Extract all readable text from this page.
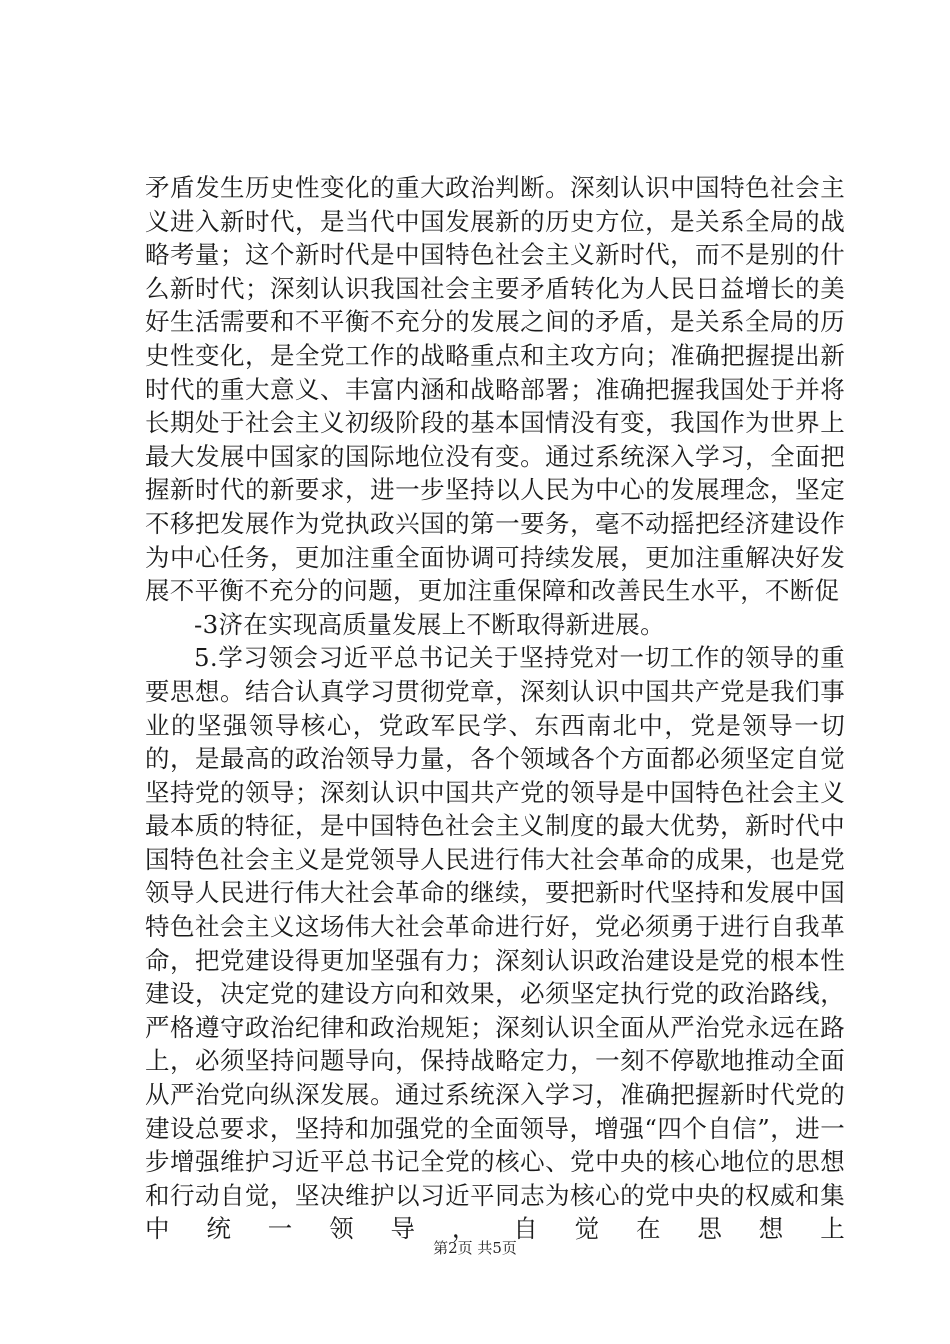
矛盾发生历史性变化的重大政治判断。深刻认识中国特色社会主义进入新时代，是当代中国发展新的历史方位，是关系全局的战略考量；这个新时代是中国特色社会主义新时代，而不是别的什么新时代；深刻认识我国社会主要矛盾转化为人民日益增长的美好生活需要和不平衡不充分的发展之间的矛盾，是关系全局的历史性变化，是全党工作的战略重点和主攻方向；准确把握提出新时代的重大意义、丰富内涵和战略部署；准确把握我国处于并将长期处于社会主义初级阶段的基本国情没有变，我国作为世界上最大发展中国家的国际地位没有变。通过系统深入学习，全面把握新时代的新要求，进一步坚持以人民为中心的发展理念，坚定不移把发展作为党执政兴国的第一要务，毫不动摇把经济建设作为中心任务，更加注重全面协调可持续发展，更加注重解决好发展不平衡不充分的问题，更加注重保障和改善民生水平，不断促

-3济在实现高质量发展上不断取得新进展。

5.学习领会习近平总书记关于坚持党对一切工作的领导的重要思想。结合认真学习贯彻党章，深刻认识中国共产党是我们事业的坚强领导核心，党政军民学、东西南北中，党是领导一切的，是最高的政治领导力量，各个领域各个方面都必须坚定自觉坚持党的领导；深刻认识中国共产党的领导是中国特色社会主义最本质的特征，是中国特色社会主义制度的最大优势，新时代中国特色社会主义是党领导人民进行伟大社会革命的成果，也是党领导人民进行伟大社会革命的继续，要把新时代坚持和发展中国特色社会主义这场伟大社会革命进行好，党必须勇于进行自我革命，把党建设得更加坚强有力；深刻认识政治建设是党的根本性建设，决定党的建设方向和效果，必须坚定执行党的政治路线，严格遵守政治纪律和政治规矩；深刻认识全面从严治党永远在路上，必须坚持问题导向，保持战略定力，一刻不停歇地推动全面从严治党向纵深发展。通过系统深入学习，准确把握新时代党的建设总要求，坚持和加强党的全面领导，增强“四个自信”，进一步增强维护习近平总书记全党的核心、党中央的核心地位的思想和行动自觉，坚决维护以习近平同志为核心的党中央的权威和集中统一领导，自觉在思想上

第2页 共5页
